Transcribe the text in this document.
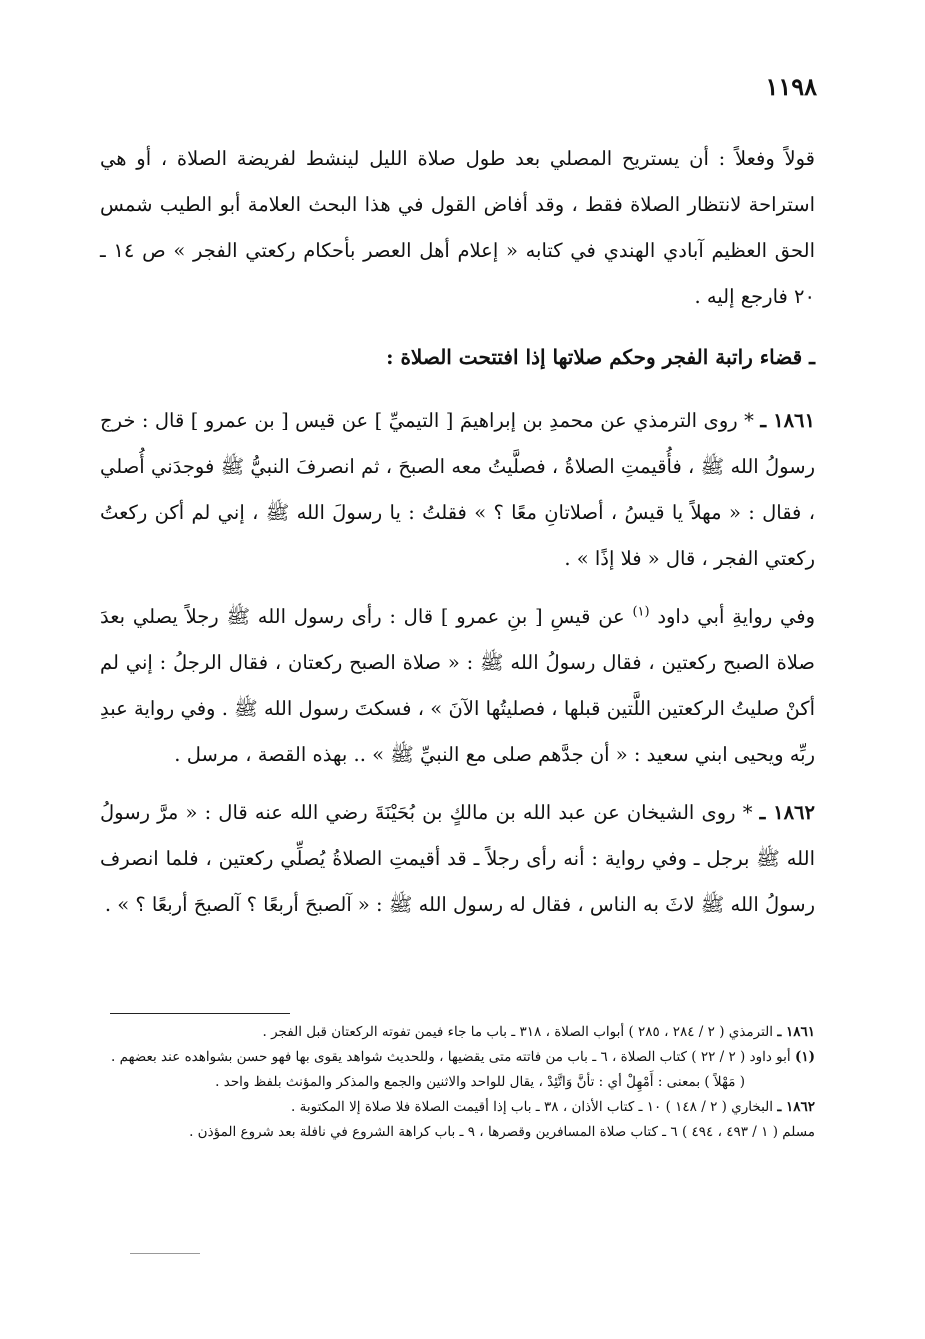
١١٩٨

قولاً وفعلاً : أن يستريح المصلي بعد طول صلاة الليل لينشط لفريضة الصلاة ، أو هي استراحة لانتظار الصلاة فقط ، وقد أفاض القول في هذا البحث العلامة أبو الطيب شمس الحق العظيم آبادي الهندي في كتابه « إعلام أهل العصر بأحكام ركعتي الفجر » ص ١٤ ـ ٢٠ فارجع إليه .

ـ قضاء راتبة الفجر وحكم صلاتها إذا افتتحت الصلاة :

١٨٦١ ـ * روى الترمذي عن محمدِ بن إبراهيمَ [ التيميِّ ] عن قيس [ بن عمرو ] قال : خرج رسولُ الله ﷺ ، فأُقيمتِ الصلاةُ ، فصلَّيتُ معه الصبحَ ، ثم انصرفَ النبيُّ ﷺ فوجدَني أُصلي ، فقال : « مهلاً يا قيسُ ، أصلاتانِ معًا ؟ » فقلتُ : يا رسولَ الله ﷺ ، إني لم أكن ركعتُ ركعتي الفجر ، قال « فلا إذًا » .

وفي روايةِ أبي داود $^{(١)}$ عن قيسِ [ بنِ عمرو ] قال : رأى رسول الله ﷺ رجلاً يصلي بعدَ صلاة الصبح ركعتين ، فقال رسولُ الله ﷺ : « صلاة الصبح ركعتان ، فقال الرجلُ : إني لم أكنْ صليتُ الركعتين اللَّتين قبلها ، فصليتُها الآنَ » ، فسكتَ رسول الله ﷺ . وفي رواية عبدِ ربِّه ويحيى ابني سعيد : « أن جدَّهم صلى مع النبيِّ ﷺ » .. بهذه القصة ، مرسل .

١٨٦٢ ـ * روى الشيخان عن عبد الله بن مالكٍ بن بُحَيْنَةَ رضي الله عنه قال : « مرَّ رسولُ الله ﷺ برجل ـ وفي رواية : أنه رأى رجلاً ـ قد أقيمتِ الصلاةُ يُصلِّي ركعتين ، فلما انصرف رسولُ الله ﷺ لاثَ به الناس ، فقال له رسول الله ﷺ : « آلصبحَ أربعًا ؟ آلصبحَ أربعًا ؟ » .

١٨٦١ ـ الترمذي ( ٢ / ٢٨٤ ، ٢٨٥ ) أبواب الصلاة ، ٣١٨ ـ باب ما جاء فيمن تفوته الركعتان قبل الفجر .

(١) أبو داود ( ٢ / ٢٢ ) كتاب الصلاة ، ٦ ـ باب من فاتته متى يقضيها ، وللحديث شواهد يقوى بها فهو حسن بشواهده عند بعضهم .

( مَهْلاً ) بمعنى : أَمْهِلْ أي : تأنَّ وَاتَّئِدْ ، يقال للواحد والاثنين والجمع والمذكر والمؤنث بلفظ واحد .

١٨٦٢ ـ البخاري ( ٢ / ١٤٨ ) ١٠ ـ كتاب الأذان ، ٣٨ ـ باب إذا أقيمت الصلاة فلا صلاة إلا المكتوبة .

مسلم ( ١ / ٤٩٣ ، ٤٩٤ ) ٦ ـ كتاب صلاة المسافرين وقصرها ، ٩ ـ باب كراهة الشروع في نافلة بعد شروع المؤذن .
